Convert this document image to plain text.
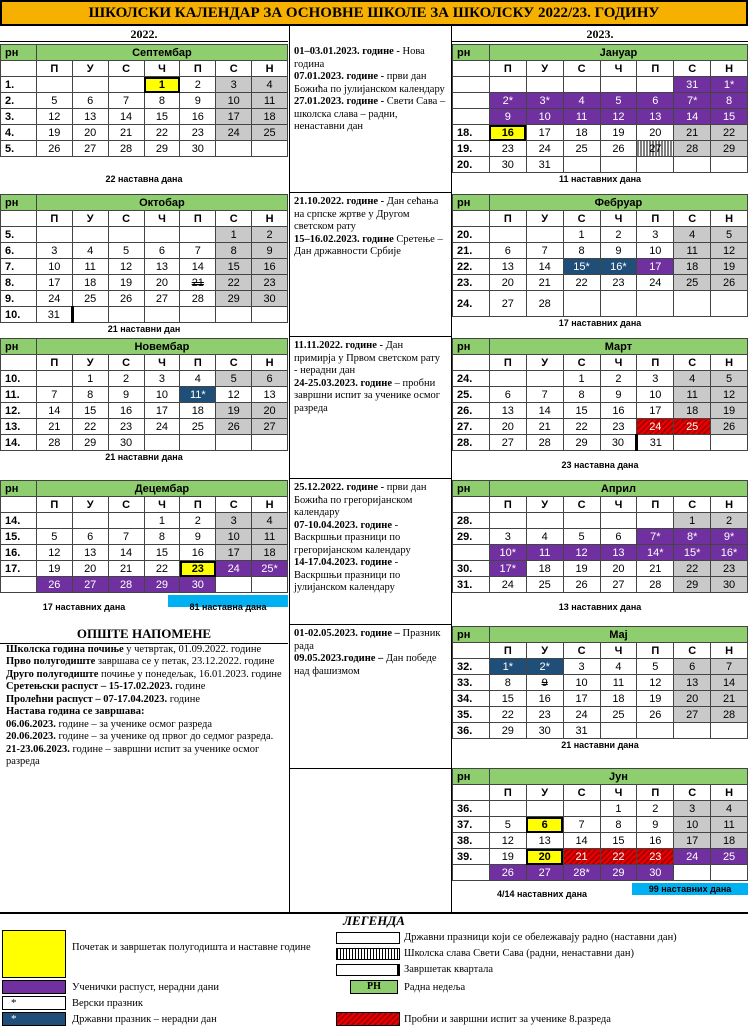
ШКОЛСКИ КАЛЕНДАР ЗА ОСНОВНЕ ШКОЛЕ ЗА ШКОЛСКУ 2022/23. ГОДИНУ
2022.	2023.
рн	Септембар						
	П	У	С	Ч	П	С	Н
1.				1	2	3	4
2.	5	6	7	8	9	10	11
3.	12	13	14	15	16	17	18
4.	19	20	21	22	23	24	25
5.	26	27	28	29	30		
22 наставна дана
рн	Октобар						
	П	У	С	Ч	П	С	Н
5.						1	2
6.	3	4	5	6	7	8	9
7.	10	11	12	13	14	15	16
8.	17	18	19	20	21	22	23
9.	24	25	26	27	28	29	30
10.	31						
21 наставни дан
рн	Новембар						
	П	У	С	Ч	П	С	Н
10.		1	2	3	4	5	6
11.	7	8	9	10	11*	12	13
12.	14	15	16	17	18	19	20
13.	21	22	23	24	25	26	27
14.	28	29	30				
21 наставни дана
рн	Децембар						
	П	У	С	Ч	П	С	Н
14.				1	2	3	4
15.	5	6	7	8	9	10	11
16.	12	13	14	15	16	17	18
17.	19	20	21	22	23	24	25*
	26	27	28	29	30		
17 наставних дана	81 наставна дана
01–03.01.2023. године - Нова година
07.01.2023. године - први дан Божића по јулијанском календару
27.01.2023. године - Свети Сава – школска слава – радни, ненаставни дан
21.10.2022. године - Дан сећања на српске жртве у Другом светском рату
15–16.02.2023. године Сретење – Дан државности Србије
11.11.2022. године - Дан примирја у Првом светском рату - нерадни дан
24-25.03.2023. године – пробни завршни испит за ученике осмог разреда
25.12.2022. године - први дан Божића по грегоријанском календару
07-10.04.2023. године - Васкршњи празници по грегоријанском календару
14-17.04.2023. године - Васкршњи празници по јулијанском календару
01-02.05.2023. године – Празник рада
09.05.2023.године – Дан победе над фашизмом
ОПШТЕ НАПОМЕНЕ

Школска година почиње у четвртак, 01.09.2022. године

Прво полугодиште завршава се у петак, 23.12.2022. године

Друго полугодиште почиње у понедељак, 16.01.2023. године

Сретењски распуст – 15-17.02.2023. године

Пролећни распуст – 07-17.04.2023. године

Настава година се завршава:

06.06.2023. године – за ученике осмог разреда

20.06.2023. године – за ученике од првог до седмог разреда.

21-23.06.2023. године – завршни испит за ученике осмог разреда

рн	Јануар						
	П	У	С	Ч	П	С	Н
						31	1*
	2*	3*	4	5	6	7*	8
	9	10	11	12	13	14	15
18.	16	17	18	19	20	21	22
19.	23	24	25	26	27	28	29
20.	30	31					
11 наставних дана
рн	Фебруар						
	П	У	С	Ч	П	С	Н
20.			1	2	3	4	5
21.	6	7	8	9	10	11	12
22.	13	14	15*	16*	17	18	19
23.	20	21	22	23	24	25	26
24.	27	28					
17 наставних дана
рн	Март						
	П	У	С	Ч	П	С	Н
24.			1	2	3	4	5
25.	6	7	8	9	10	11	12
26.	13	14	15	16	17	18	19
27.	20	21	22	23	24	25	26
28.	27	28	29	30	31		
23 наставна дана
рн	Април						
	П	У	С	Ч	П	С	Н
28.						1	2
29.	3	4	5	6	7*	8*	9*
	10*	11	12	13	14*	15*	16*
30.	17*	18	19	20	21	22	23
31.	24	25	26	27	28	29	30
13 наставних дана
рн	Мај						
	П	У	С	Ч	П	С	Н
32.	1*	2*	3	4	5	6	7
33.	8	9	10	11	12	13	14
34.	15	16	17	18	19	20	21
35.	22	23	24	25	26	27	28
36.	29	30	31				
21 наставни дана
рн	Јун						
	П	У	С	Ч	П	С	Н
36.				1	2	3	4
37.	5	6	7	8	9	10	11
38.	12	13	14	15	16	17	18
39.	19	20	21	22	23	24	25
	26	27	28*	29	30		
4/14 наставних дана	99 наставних дана
ЛЕГЕНДА
Почетак и завршетак полугодишта и наставне године
Државни празници који се обележавају радно (наставни дан)
Школска слава Свети Сава (радни, ненаставни дан)
Завршетак квартала
Ученички распуст, нерадни дани	РН	Радна недеља
*	Верски празник
*	Државни празник – нерадни дан	Пробни и завршни испит за ученике 8.разреда
